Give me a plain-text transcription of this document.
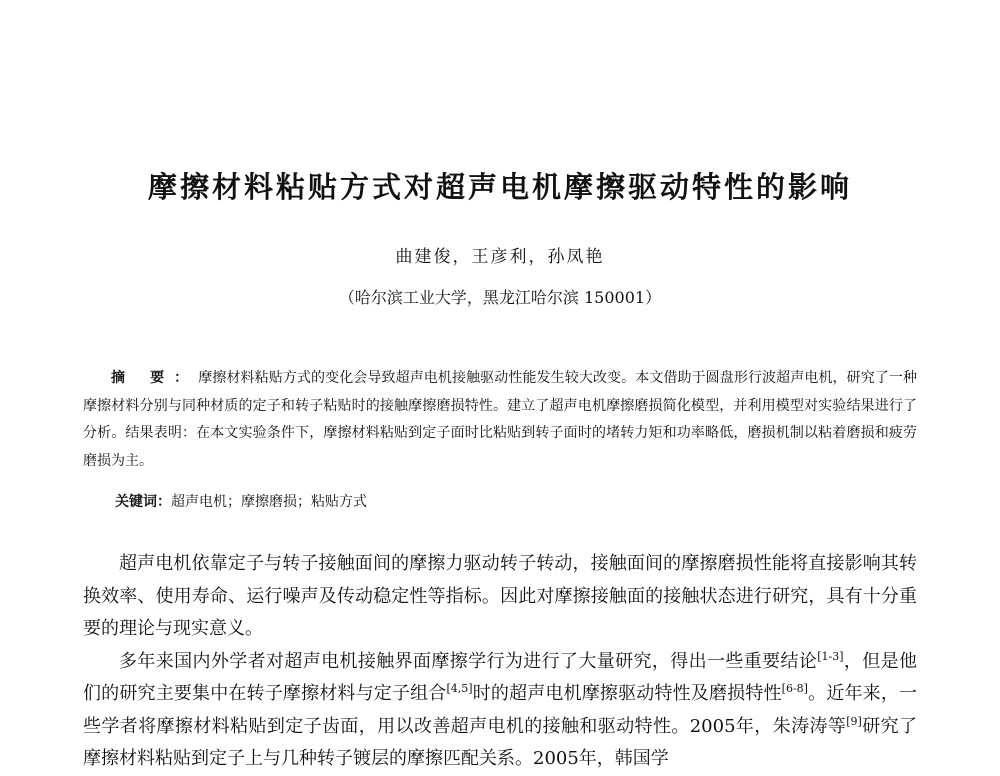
摩擦材料粘贴方式对超声电机摩擦驱动特性的影响
曲建俊，王彦利，孙凤艳
（哈尔滨工业大学，黑龙江哈尔滨 150001）
摘 要：摩擦材料粘贴方式的变化会导致超声电机接触驱动性能发生较大改变。本文借助于圆盘形行波超声电机，研究了一种摩擦材料分别与同种材质的定子和转子粘贴时的接触摩擦磨损特性。建立了超声电机摩擦磨损简化模型，并利用模型对实验结果进行了分析。结果表明：在本文实验条件下，摩擦材料粘贴到定子面时比粘贴到转子面时的堵转力矩和功率略低，磨损机制以粘着磨损和疲劳磨损为主。
关键词：超声电机；摩擦磨损；粘贴方式

超声电机依靠定子与转子接触面间的摩擦力驱动转子转动，接触面间的摩擦磨损性能将直接影响其转换效率、使用寿命、运行噪声及传动稳定性等指标。因此对摩擦接触面的接触状态进行研究，具有十分重要的理论与现实意义。

多年来国内外学者对超声电机接触界面摩擦学行为进行了大量研究，得出一些重要结论[1-3]，但是他们的研究主要集中在转子摩擦材料与定子组合[4,5]时的超声电机摩擦驱动特性及磨损特性[6-8]。近年来，一些学者将摩擦材料粘贴到定子齿面，用以改善超声电机的接触和驱动特性。2005年，朱涛涛等[9]研究了摩擦材料粘贴到定子上与几种转子镀层的摩擦匹配关系。2005年，韩国学
